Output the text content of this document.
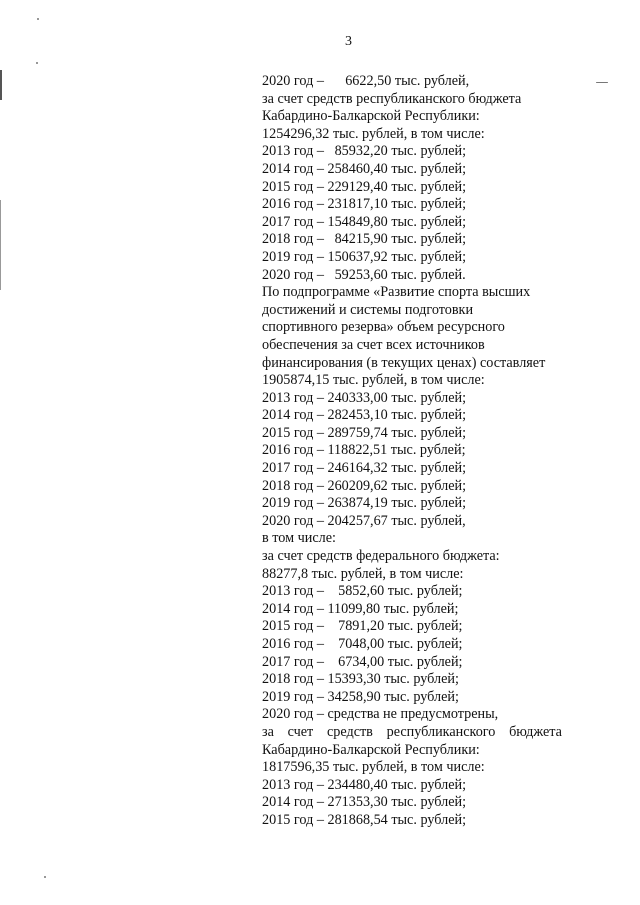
3
2020 год –      6622,50 тыс. рублей,
за счет средств республиканского бюджета
Кабардино-Балкарской Республики:
1254296,32 тыс. рублей, в том числе:
2013 год –   85932,20 тыс. рублей;
2014 год – 258460,40 тыс. рублей;
2015 год – 229129,40 тыс. рублей;
2016 год – 231817,10 тыс. рублей;
2017 год – 154849,80 тыс. рублей;
2018 год –   84215,90 тыс. рублей;
2019 год – 150637,92 тыс. рублей;
2020 год –   59253,60 тыс. рублей.
По подпрограмме «Развитие спорта высших
достижений и системы подготовки
спортивного резерва» объем ресурсного
обеспечения за счет всех источников
финансирования (в текущих ценах) составляет
1905874,15 тыс. рублей, в том числе:
2013 год – 240333,00 тыс. рублей;
2014 год – 282453,10 тыс. рублей;
2015 год – 289759,74 тыс. рублей;
2016 год – 118822,51 тыс. рублей;
2017 год – 246164,32 тыс. рублей;
2018 год – 260209,62 тыс. рублей;
2019 год – 263874,19 тыс. рублей;
2020 год – 204257,67 тыс. рублей,
в том числе:
за счет средств федерального бюджета:
88277,8 тыс. рублей, в том числе:
2013 год –    5852,60 тыс. рублей;
2014 год – 11099,80 тыс. рублей;
2015 год –    7891,20 тыс. рублей;
2016 год –    7048,00 тыс. рублей;
2017 год –    6734,00 тыс. рублей;
2018 год – 15393,30 тыс. рублей;
2019 год – 34258,90 тыс. рублей;
2020 год – средства не предусмотрены,
за счет средств республиканского бюджета
Кабардино-Балкарской Республики:
1817596,35 тыс. рублей, в том числе:
2013 год – 234480,40 тыс. рублей;
2014 год – 271353,30 тыс. рублей;
2015 год – 281868,54 тыс. рублей;
